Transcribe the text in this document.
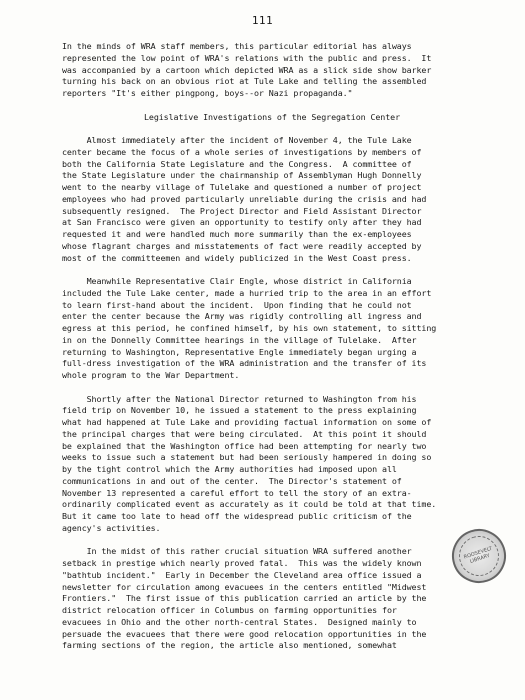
111

In the minds of WRA staff members, this particular editorial has always
represented the low point of WRA's relations with the public and press.  It
was accompanied by a cartoon which depicted WRA as a slick side show barker
turning his back on an obvious riot at Tule Lake and telling the assembled
reporters "It's either pingpong, boys--or Nazi propaganda."

Legislative Investigations of the Segregation Center

Almost immediately after the incident of November 4, the Tule Lake
center became the focus of a whole series of investigations by members of
both the California State Legislature and the Congress.  A committee of
the State Legislature under the chairmanship of Assemblyman Hugh Donnelly
went to the nearby village of Tulelake and questioned a number of project
employees who had proved particularly unreliable during the crisis and had
subsequently resigned.  The Project Director and Field Assistant Director
at San Francisco were given an opportunity to testify only after they had
requested it and were handled much more summarily than the ex-employees
whose flagrant charges and misstatements of fact were readily accepted by
most of the committeemen and widely publicized in the West Coast press.

Meanwhile Representative Clair Engle, whose district in California
included the Tule Lake center, made a hurried trip to the area in an effort
to learn first-hand about the incident.  Upon finding that he could not
enter the center because the Army was rigidly controlling all ingress and
egress at this period, he confined himself, by his own statement, to sitting
in on the Donnelly Committee hearings in the village of Tulelake.  After
returning to Washington, Representative Engle immediately began urging a
full-dress investigation of the WRA administration and the transfer of its
whole program to the War Department.

Shortly after the National Director returned to Washington from his
field trip on November 10, he issued a statement to the press explaining
what had happened at Tule Lake and providing factual information on some of
the principal charges that were being circulated.  At this point it should
be explained that the Washington office had been attempting for nearly two
weeks to issue such a statement but had been seriously hampered in doing so
by the tight control which the Army authorities had imposed upon all
communications in and out of the center.  The Director's statement of
November 13 represented a careful effort to tell the story of an extra-
ordinarily complicated event as accurately as it could be told at that time.
But it came too late to head off the widespread public criticism of the
agency's activities.

In the midst of this rather crucial situation WRA suffered another
setback in prestige which nearly proved fatal.  This was the widely known
"bathtub incident."  Early in December the Cleveland area office issued a
newsletter for circulation among evacuees in the centers entitled "Midwest
Frontiers."  The first issue of this publication carried an article by the
district relocation officer in Columbus on farming opportunities for
evacuees in Ohio and the other north-central States.  Designed mainly to
persuade the evacuees that there were good relocation opportunities in the
farming sections of the region, the article also mentioned, somewhat

ROOSEVELT LIBRARY
